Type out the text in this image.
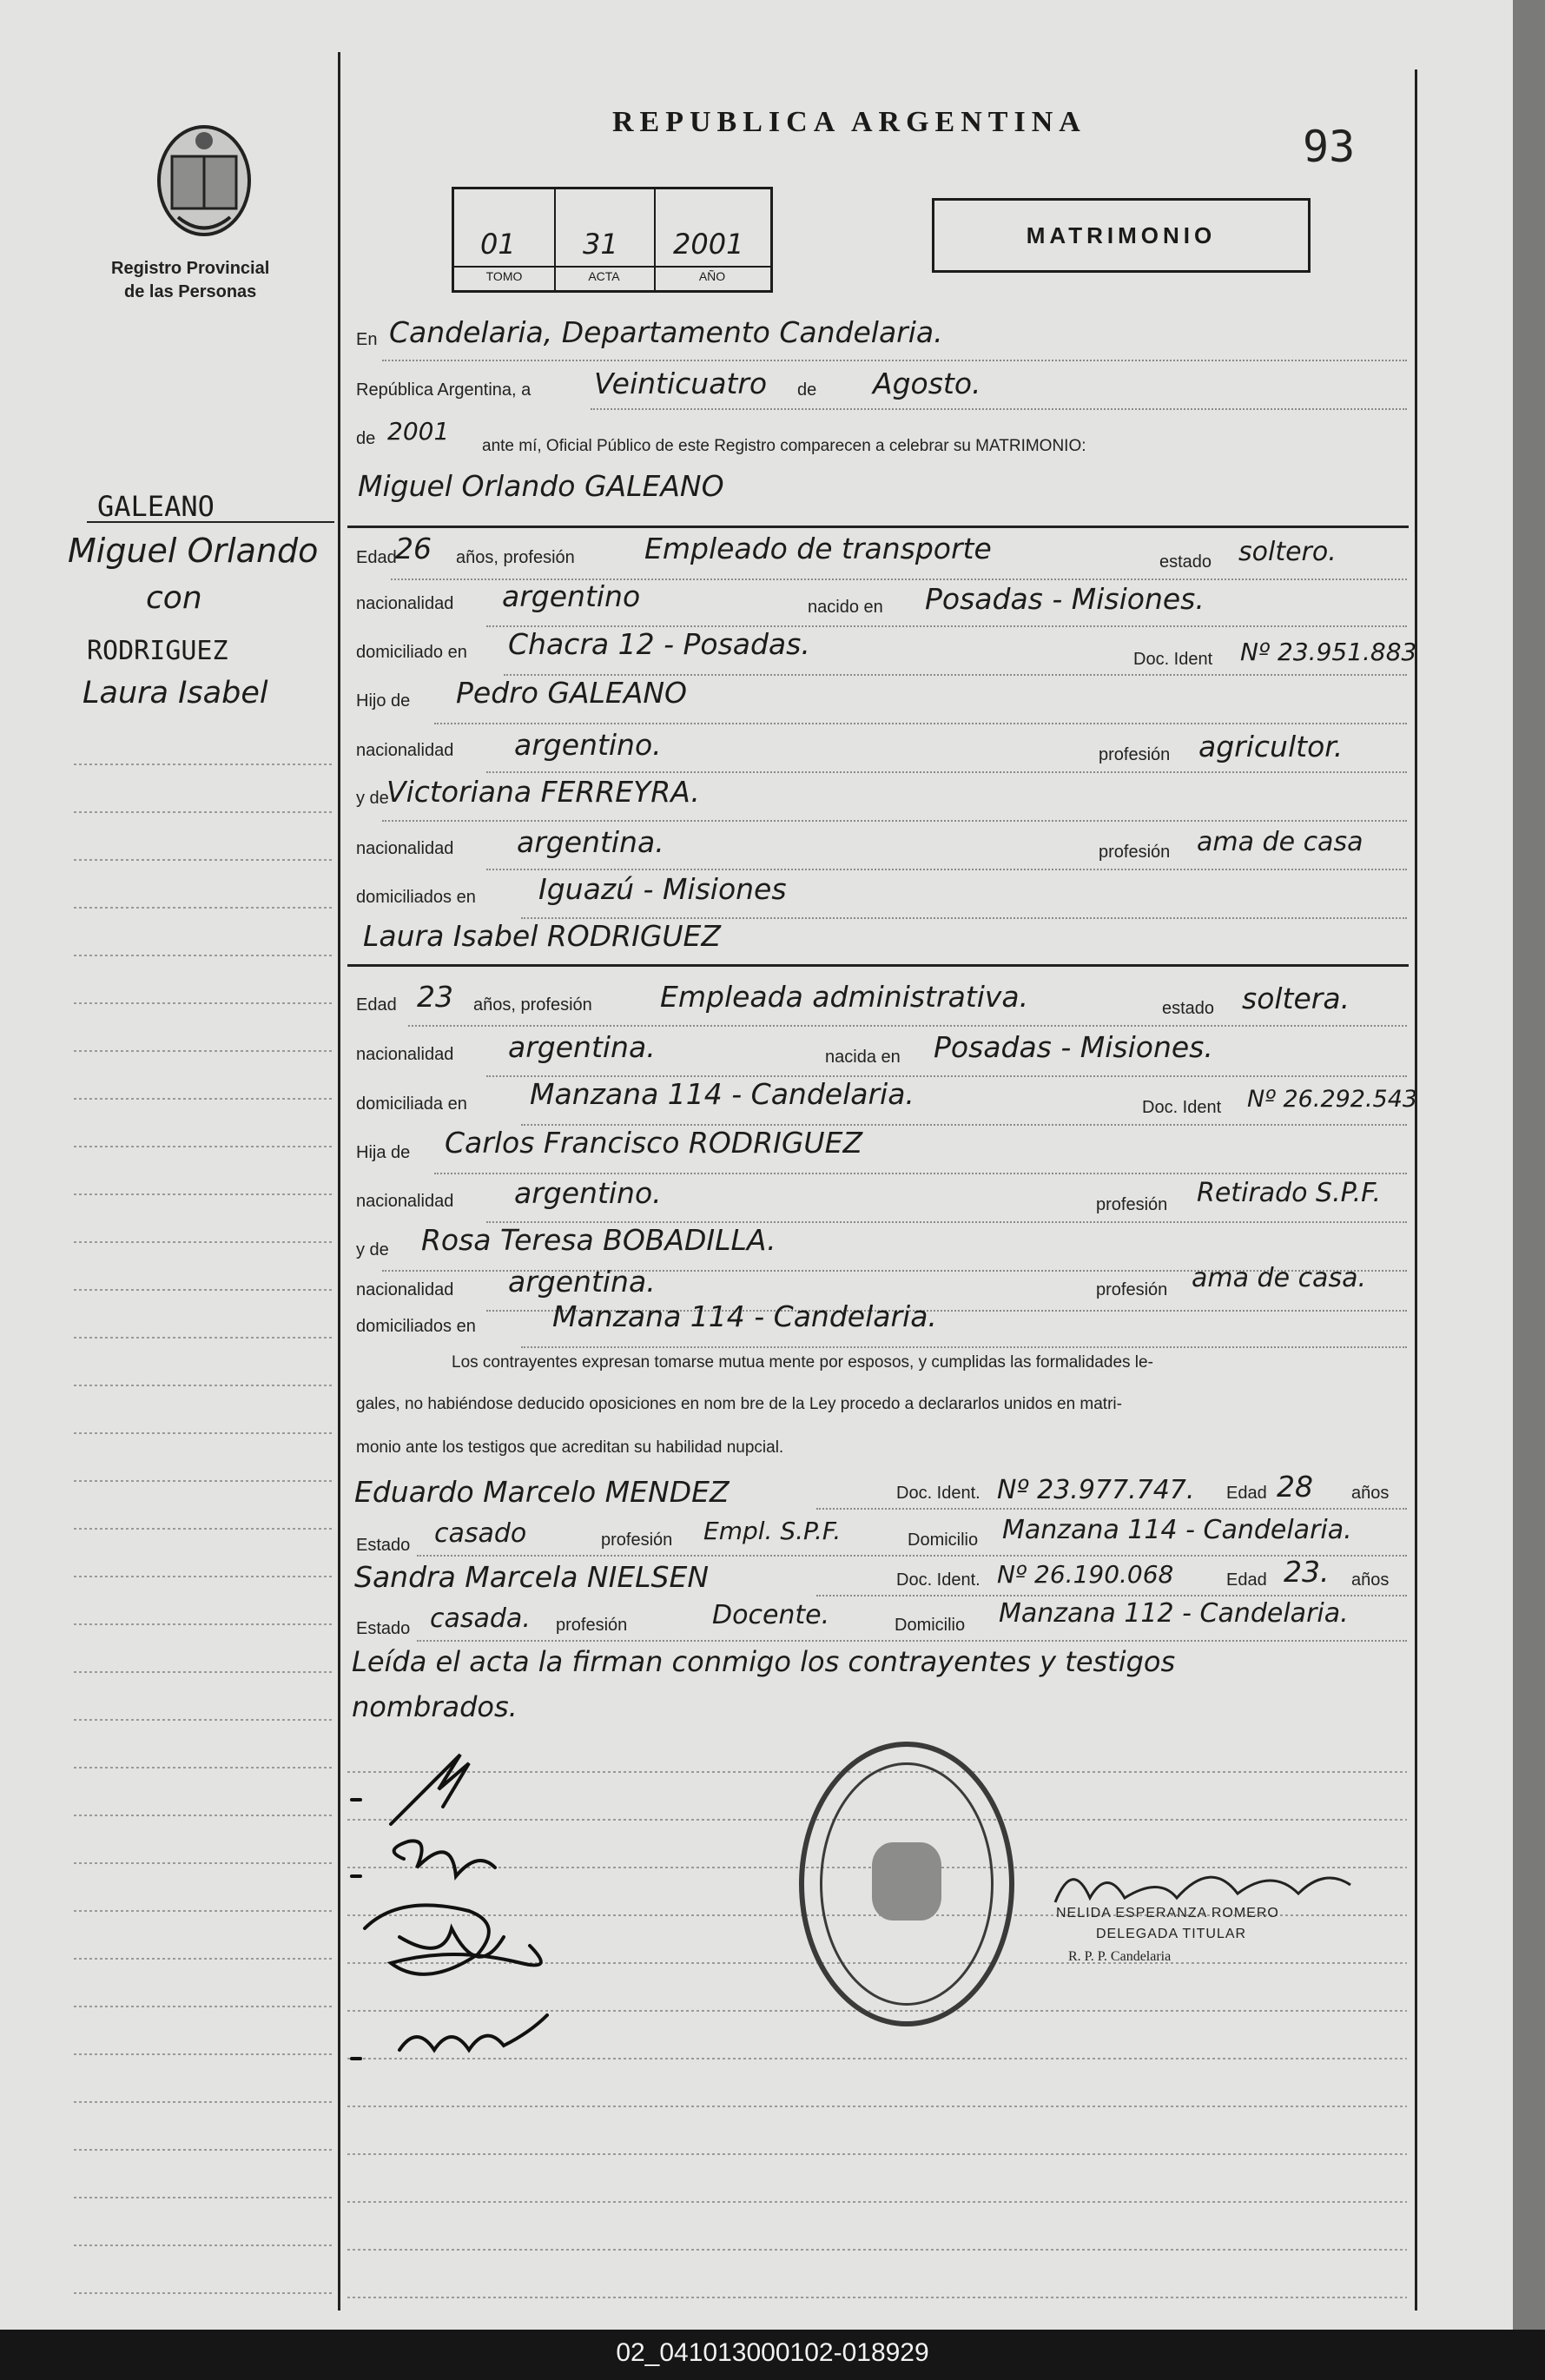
Registro Provincial
de las Personas
REPUBLICA ARGENTINA	93
01 31 2001
TOMO	ACTA	AÑO
MATRIMONIO
GALEANO
Miguel Orlando
con
RODRIGUEZ
Laura Isabel
En Candelaria, Departamento Candelaria.
República Argentina, a Veinticuatro de Agosto.
de 2001
ante mí, Oficial Público de este Registro comparecen a celebrar su MATRIMONIO:
Miguel Orlando GALEANO
Edad
26 años, profesión Empleado de transporte	estado soltero.
nacionalidad argentino	nacido en Posadas - Misiones.
domiciliado en Chacra 12 - Posadas.	Doc. Ident Nº 23.951.883
Hijo de Pedro GALEANO
nacionalidad argentino.	profesión agricultor.
y de
Victoriana FERREYRA.
nacionalidad argentina.	profesión ama de casa
domiciliados en Iguazú - Misiones
Laura Isabel RODRIGUEZ
Edad 23 años, profesión Empleada administrativa.	estado soltera.
nacionalidad argentina.	nacida en Posadas - Misiones.
domiciliada en Manzana 114 - Candelaria.	Doc. Ident Nº 26.292.543
Hija de Carlos Francisco RODRIGUEZ
nacionalidad argentino.	profesión Retirado S.P.F.
y de Rosa Teresa BOBADILLA.
nacionalidad argentina.	profesión ama de casa.
domiciliados en	Manzana 114 - Candelaria.
Los contrayentes expresan tomarse mutua mente por esposos, y cumplidas las formalidades le-
gales, no habiéndose deducido oposiciones en nom bre de la Ley procedo a declararlos unidos en matri-
monio ante los testigos que acreditan su habilidad nupcial.
Eduardo Marcelo MENDEZ	Doc. Ident. Nº 23.977.747. Edad 28 años
Estado casado	profesión Empl. S.P.F.	Domicilio Manzana 114 - Candelaria.
Sandra Marcela NIELSEN	Doc. Ident. Nº 26.190.068	Edad 23. años
Estado casada. profesión	Docente.	Domicilio Manzana 112 - Candelaria.
Leída el acta la firman conmigo los contrayentes y testigos
nombrados.
NELIDA ESPERANZA ROMERO
DELEGADA TITULAR
R. P. P. Candelaria
02_041013000102-018929
